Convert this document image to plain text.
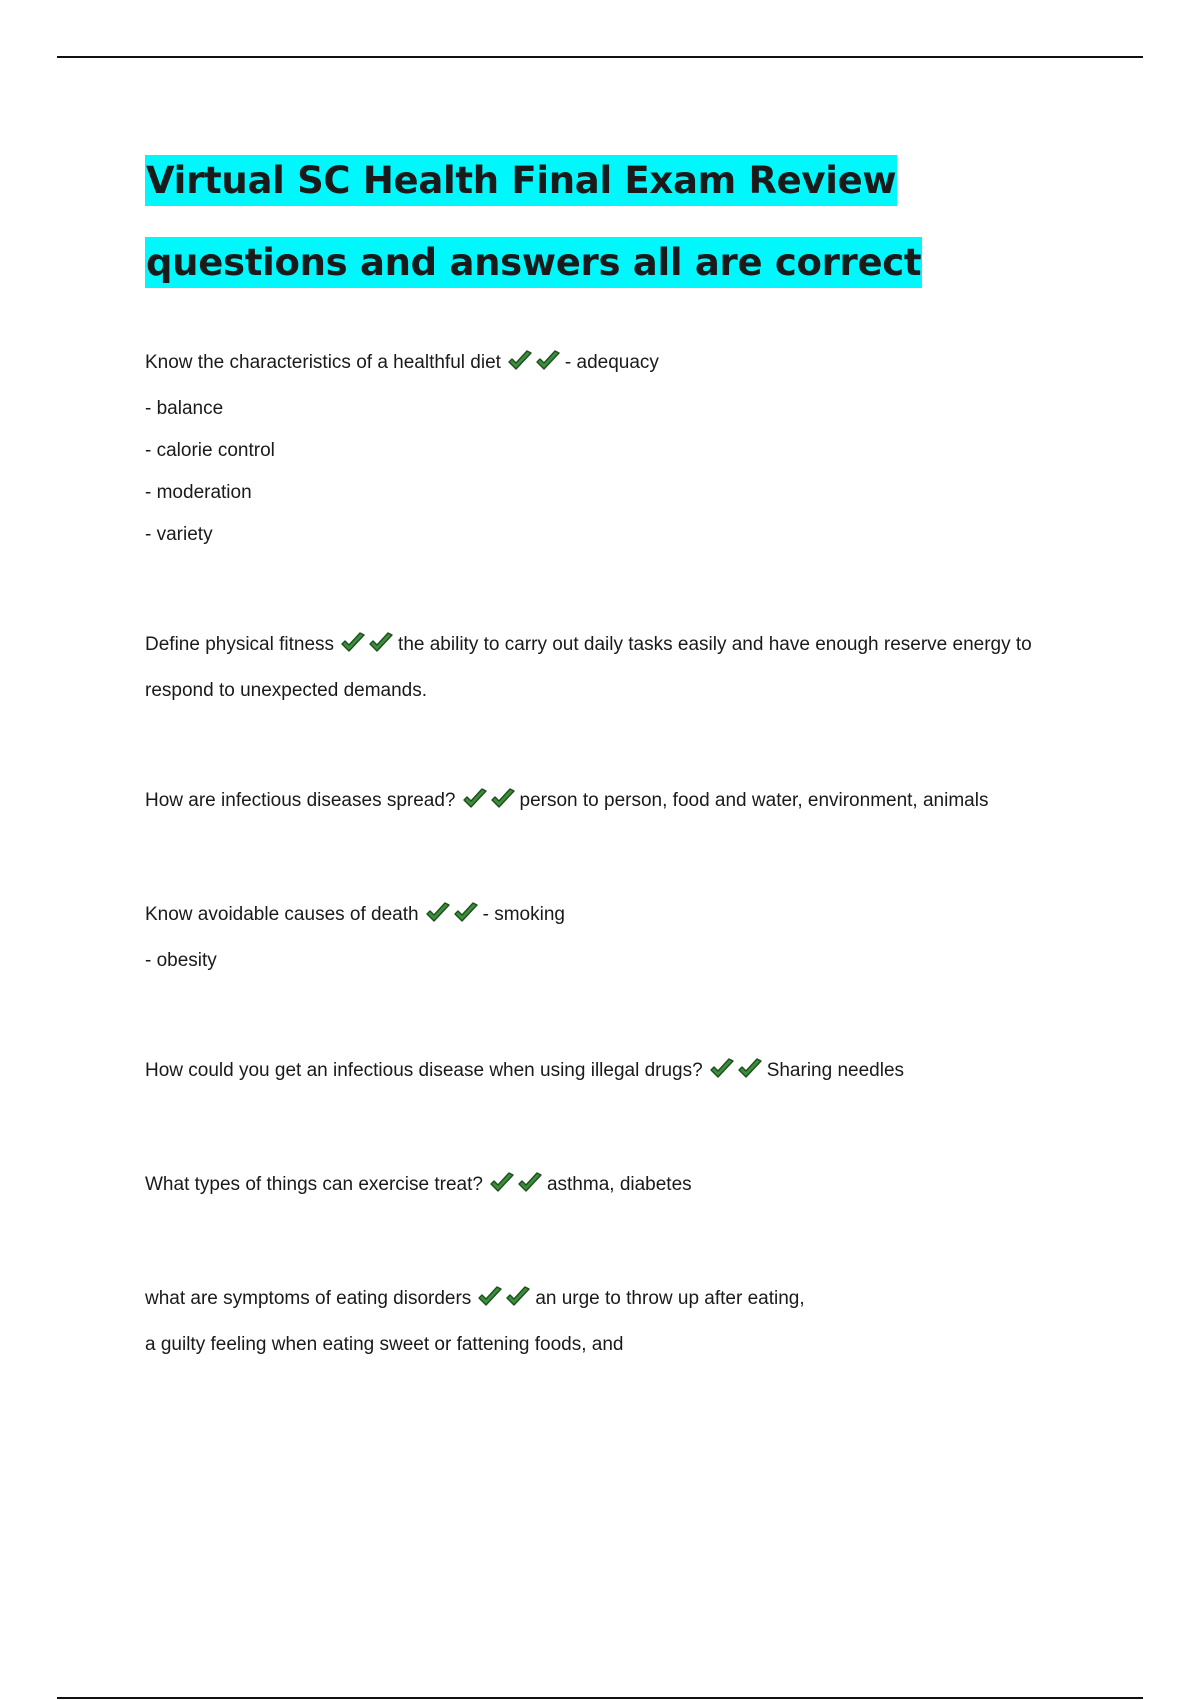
Virtual SC Health Final Exam Review questions and answers all are correct

Know the characteristics of a healthful diet	- adequacy

- balance

- calorie control

- moderation

- variety

Define physical fitness	the ability to carry out daily tasks easily and have enough reserve energy to respond to unexpected demands.

How are infectious diseases spread?	person to person, food and water, environment, animals

Know avoidable causes of death	- smoking

- obesity

How could you get an infectious disease when using illegal drugs?	Sharing needles

What types of things can exercise treat?	asthma, diabetes

what are symptoms of eating disorders	an urge to throw up after eating,

a guilty feeling when eating sweet or fattening foods, and
